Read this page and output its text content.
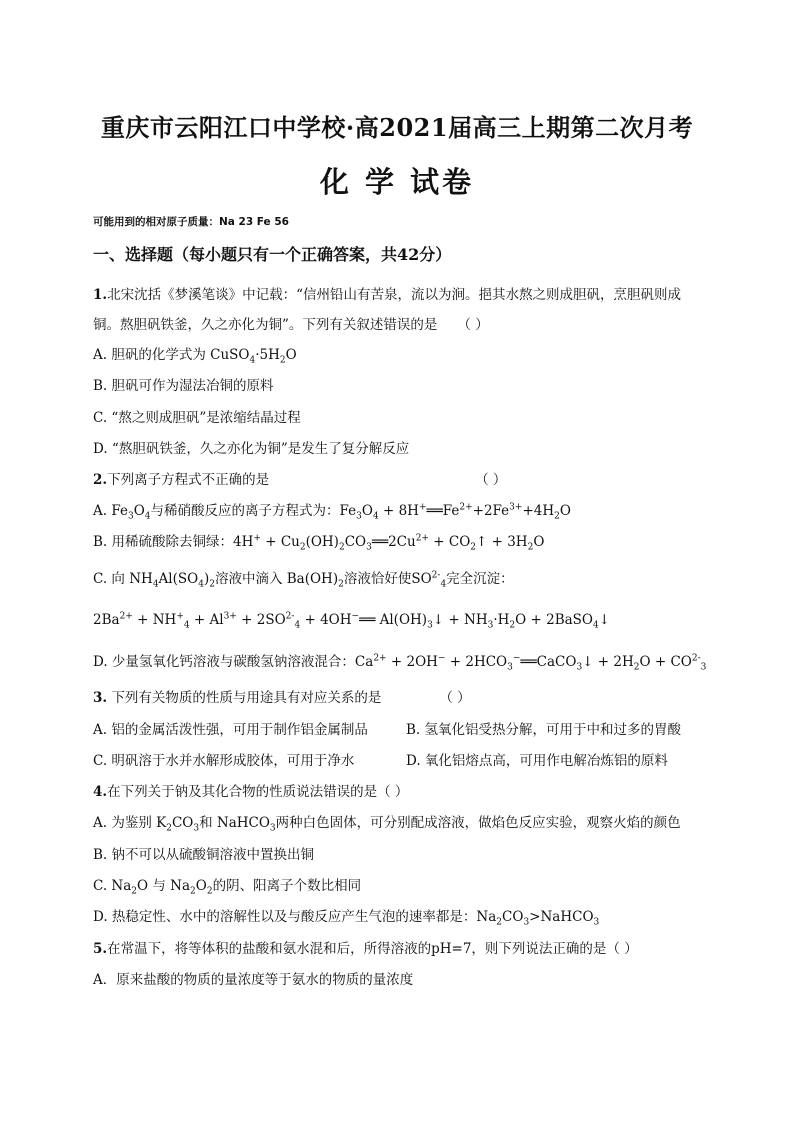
重庆市云阳江口中学校·高2021届高三上期第二次月考
化 学 试卷
可能用到的相对原子质量：Na 23 Fe 56
一、选择题（每小题只有一个正确答案，共42分）
1.北宋沈括《梦溪笔谈》中记载：“信州铅山有苦泉，流以为涧。挹其水熬之则成胆矾，烹胆矾则成
铜。熬胆矾铁釜，久之亦化为铜”。下列有关叙述错误的是 （ ）
A. 胆矾的化学式为 $CuSO_4\cdot 5H_2O$
B. 胆矾可作为湿法冶铜的原料
C. “熬之则成胆矾”是浓缩结晶过程
D. “熬胆矾铁釜，久之亦化为铜”是发生了复分解反应
2.下列离子方程式不正确的是	（ ）
A. $Fe_3O_4$与稀硝酸反应的离子方程式为：$Fe_3O_4$ + $8H^+══Fe^{2+}+2Fe^{3+}+4H_2O$
B. 用稀硫酸除去铜绿：$4H^+ + Cu_2(OH)_2CO_3══2Cu^{2+}$ + $CO_2↑ + 3H_2O$
C. 向 $NH_4Al(SO_4)_2$溶液中滴入 $Ba(OH)_2$溶液恰好使$SO^{2-}_4$完全沉淀：
$2Ba^{2+} + NH^+_4 + Al^{3+} + 2SO^{2-}_4$ + 4OH−══ $Al(OH)_3↓ + NH_3\cdot H_2O$ + 2BaSO$_4$↓
D. 少量氢氧化钙溶液与碳酸氢钠溶液混合：$Ca^{2+} + 2OH^-$ + $2HCO_3^-══CaCO_3↓ + 2H_2O + CO^{2-}_3$
3. 下列有关物质的性质与用途具有对应关系的是	（ ）
A. 铝的金属活泼性强，可用于制作铝金属制品	B. 氢氧化铝受热分解，可用于中和过多的胃酸
C. 明矾溶于水并水解形成胶体，可用于净水	D. 氧化铝熔点高，可用作电解冶炼铝的原料
4.在下列关于钠及其化合物的性质说法错误的是（ ）
A. 为鉴别 $K_2CO_3$和 NaHCO$_3$两种白色固体，可分别配成溶液，做焰色反应实验，观察火焰的颜色
B. 钠不可以从硫酸铜溶液中置换出铜
C. $Na_2O$ 与 $Na_2O_2$的阴、阳离子个数比相同
D. 热稳定性、水中的溶解性以及与酸反应产生气泡的速率都是：$Na_2CO_3>NaHCO_3$
5.在常温下，将等体积的盐酸和氨水混和后，所得溶液的pH=7，则下列说法正确的是（ ）
A．原来盐酸的物质的量浓度等于氨水的物质的量浓度
